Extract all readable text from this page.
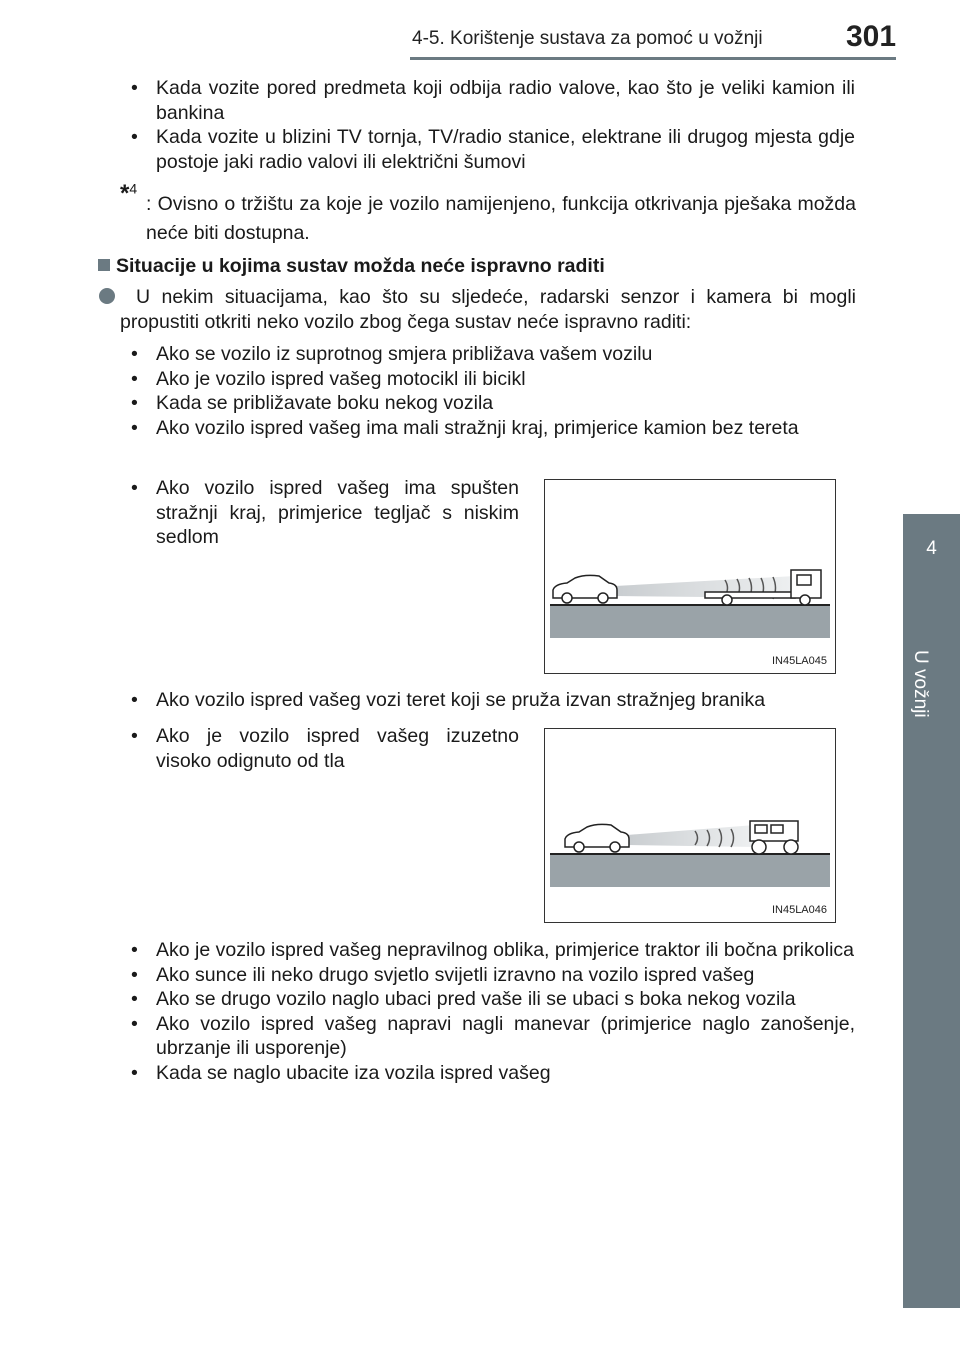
4-5. Korištenje sustava za pomoć u vožnji	301
4
U vožnji
• Kada vozite pored predmeta koji odbija radio valove, kao što je veliki kamion ili bankina
• Kada vozite u blizini TV tornja, TV/radio stanice, elektrane ili drugog mjesta gdje postoje jaki radio valovi ili električni šumovi
*$^4$
: Ovisno o tržištu za koje je vozilo namijenjeno, funkcija otkrivanja pješaka možda neće biti dostupna.
Situacije u kojima sustav možda neće ispravno raditi
U nekim situacijama, kao što su sljedeće, radarski senzor i kamera bi mogli propustiti otkriti neko vozilo zbog čega sustav neće ispravno raditi:
• Ako se vozilo iz suprotnog smjera približava vašem vozilu
• Ako je vozilo ispred vašeg motocikl ili bicikl
• Kada se približavate boku nekog vozila
• Ako vozilo ispred vašeg ima mali stražnji kraj, primjerice kamion bez tereta
• Ako vozilo ispred vašeg ima spušten stražnji kraj, primjerice tegljač s niskim sedlom
IN45LA045
• Ako vozilo ispred vašeg vozi teret koji se pruža izvan stražnjeg branika
• Ako je vozilo ispred vašeg izuzetno visoko odignuto od tla
IN45LA046
• Ako je vozilo ispred vašeg nepravilnog oblika, primjerice traktor ili bočna prikolica
• Ako sunce ili neko drugo svjetlo svijetli izravno na vozilo ispred vašeg
• Ako se drugo vozilo naglo ubaci pred vaše ili se ubaci s boka nekog vozila
• Ako vozilo ispred vašeg napravi nagli manevar (primjerice naglo zanošenje, ubrzanje ili usporenje)
• Kada se naglo ubacite iza vozila ispred vašeg
